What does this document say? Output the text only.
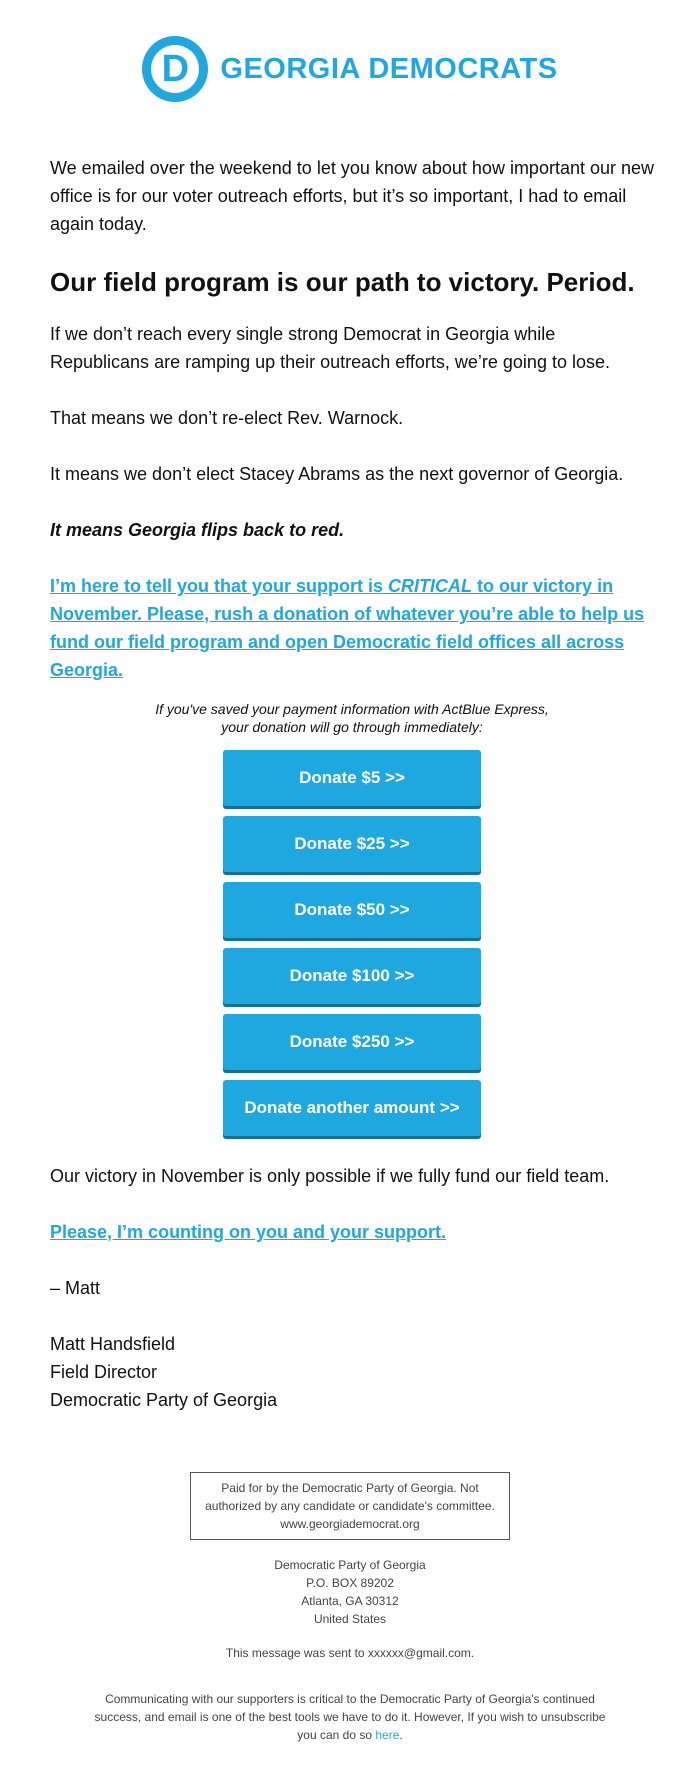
D GEORGIA DEMOCRATS

We emailed over the weekend to let you know about how important our new office is for our voter outreach efforts, but it’s so important, I had to email again today.

Our field program is our path to victory. Period.

If we don’t reach every single strong Democrat in Georgia while Republicans are ramping up their outreach efforts, we’re going to lose.

That means we don’t re-elect Rev. Warnock.

It means we don’t elect Stacey Abrams as the next governor of Georgia.

It means Georgia flips back to red.

I’m here to tell you that your support is CRITICAL to our victory in November. Please, rush a donation of whatever you’re able to help us fund our field program and open Democratic field offices all across Georgia.

If you've saved your payment information with ActBlue Express,
your donation will go through immediately:
Donate $5 >>
Donate $25 >>
Donate $50 >>
Donate $100 >>
Donate $250 >>
Donate another amount >>

Our victory in November is only possible if we fully fund our field team.

Please, I’m counting on you and your support.

– Matt

Matt Handsfield

Field Director

Democratic Party of Georgia

Paid for by the Democratic Party of Georgia. Not authorized by any candidate or candidate's committee. www.georgiademocrat.org
Democratic Party of Georgia
P.O. BOX 89202
Atlanta, GA 30312
United States
This message was sent to xxxxxx@gmail.com.
Communicating with our supporters is critical to the Democratic Party of Georgia's continued success, and email is one of the best tools we have to do it. However, If you wish to unsubscribe you can do so here.
